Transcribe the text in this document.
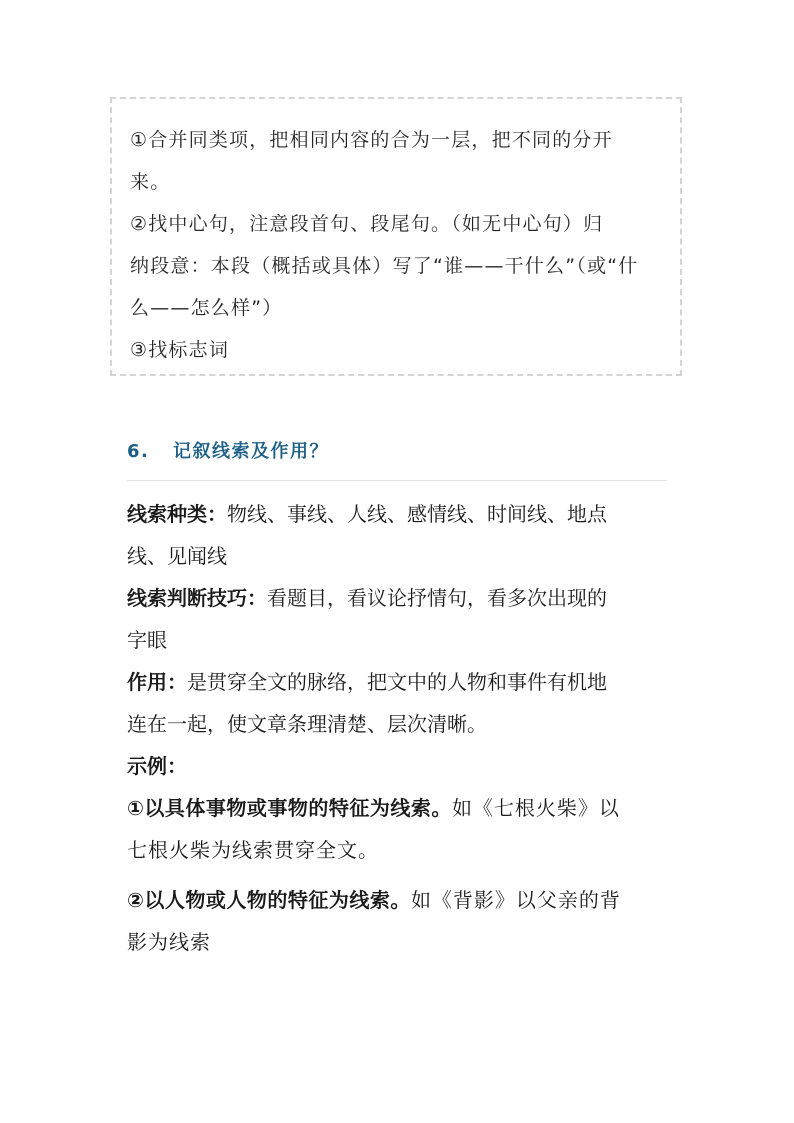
①合并同类项，把相同内容的合为一层，把不同的分开
来。
②找中心句，注意段首句、段尾句。（如无中心句）归
纳段意：本段（概括或具体）写了“谁——干什么”（或“什
么——怎么样”）
③找标志词
6. 记叙线索及作用？
线索种类：物线、事线、人线、感情线、时间线、地点
线、见闻线
线索判断技巧：看题目，看议论抒情句，看多次出现的
字眼
作用：是贯穿全文的脉络，把文中的人物和事件有机地
连在一起，使文章条理清楚、层次清晰。
示例：
①以具体事物或事物的特征为线索。如《七根火柴》以
七根火柴为线索贯穿全文。
②以人物或人物的特征为线索。如《背影》以父亲的背
影为线索
